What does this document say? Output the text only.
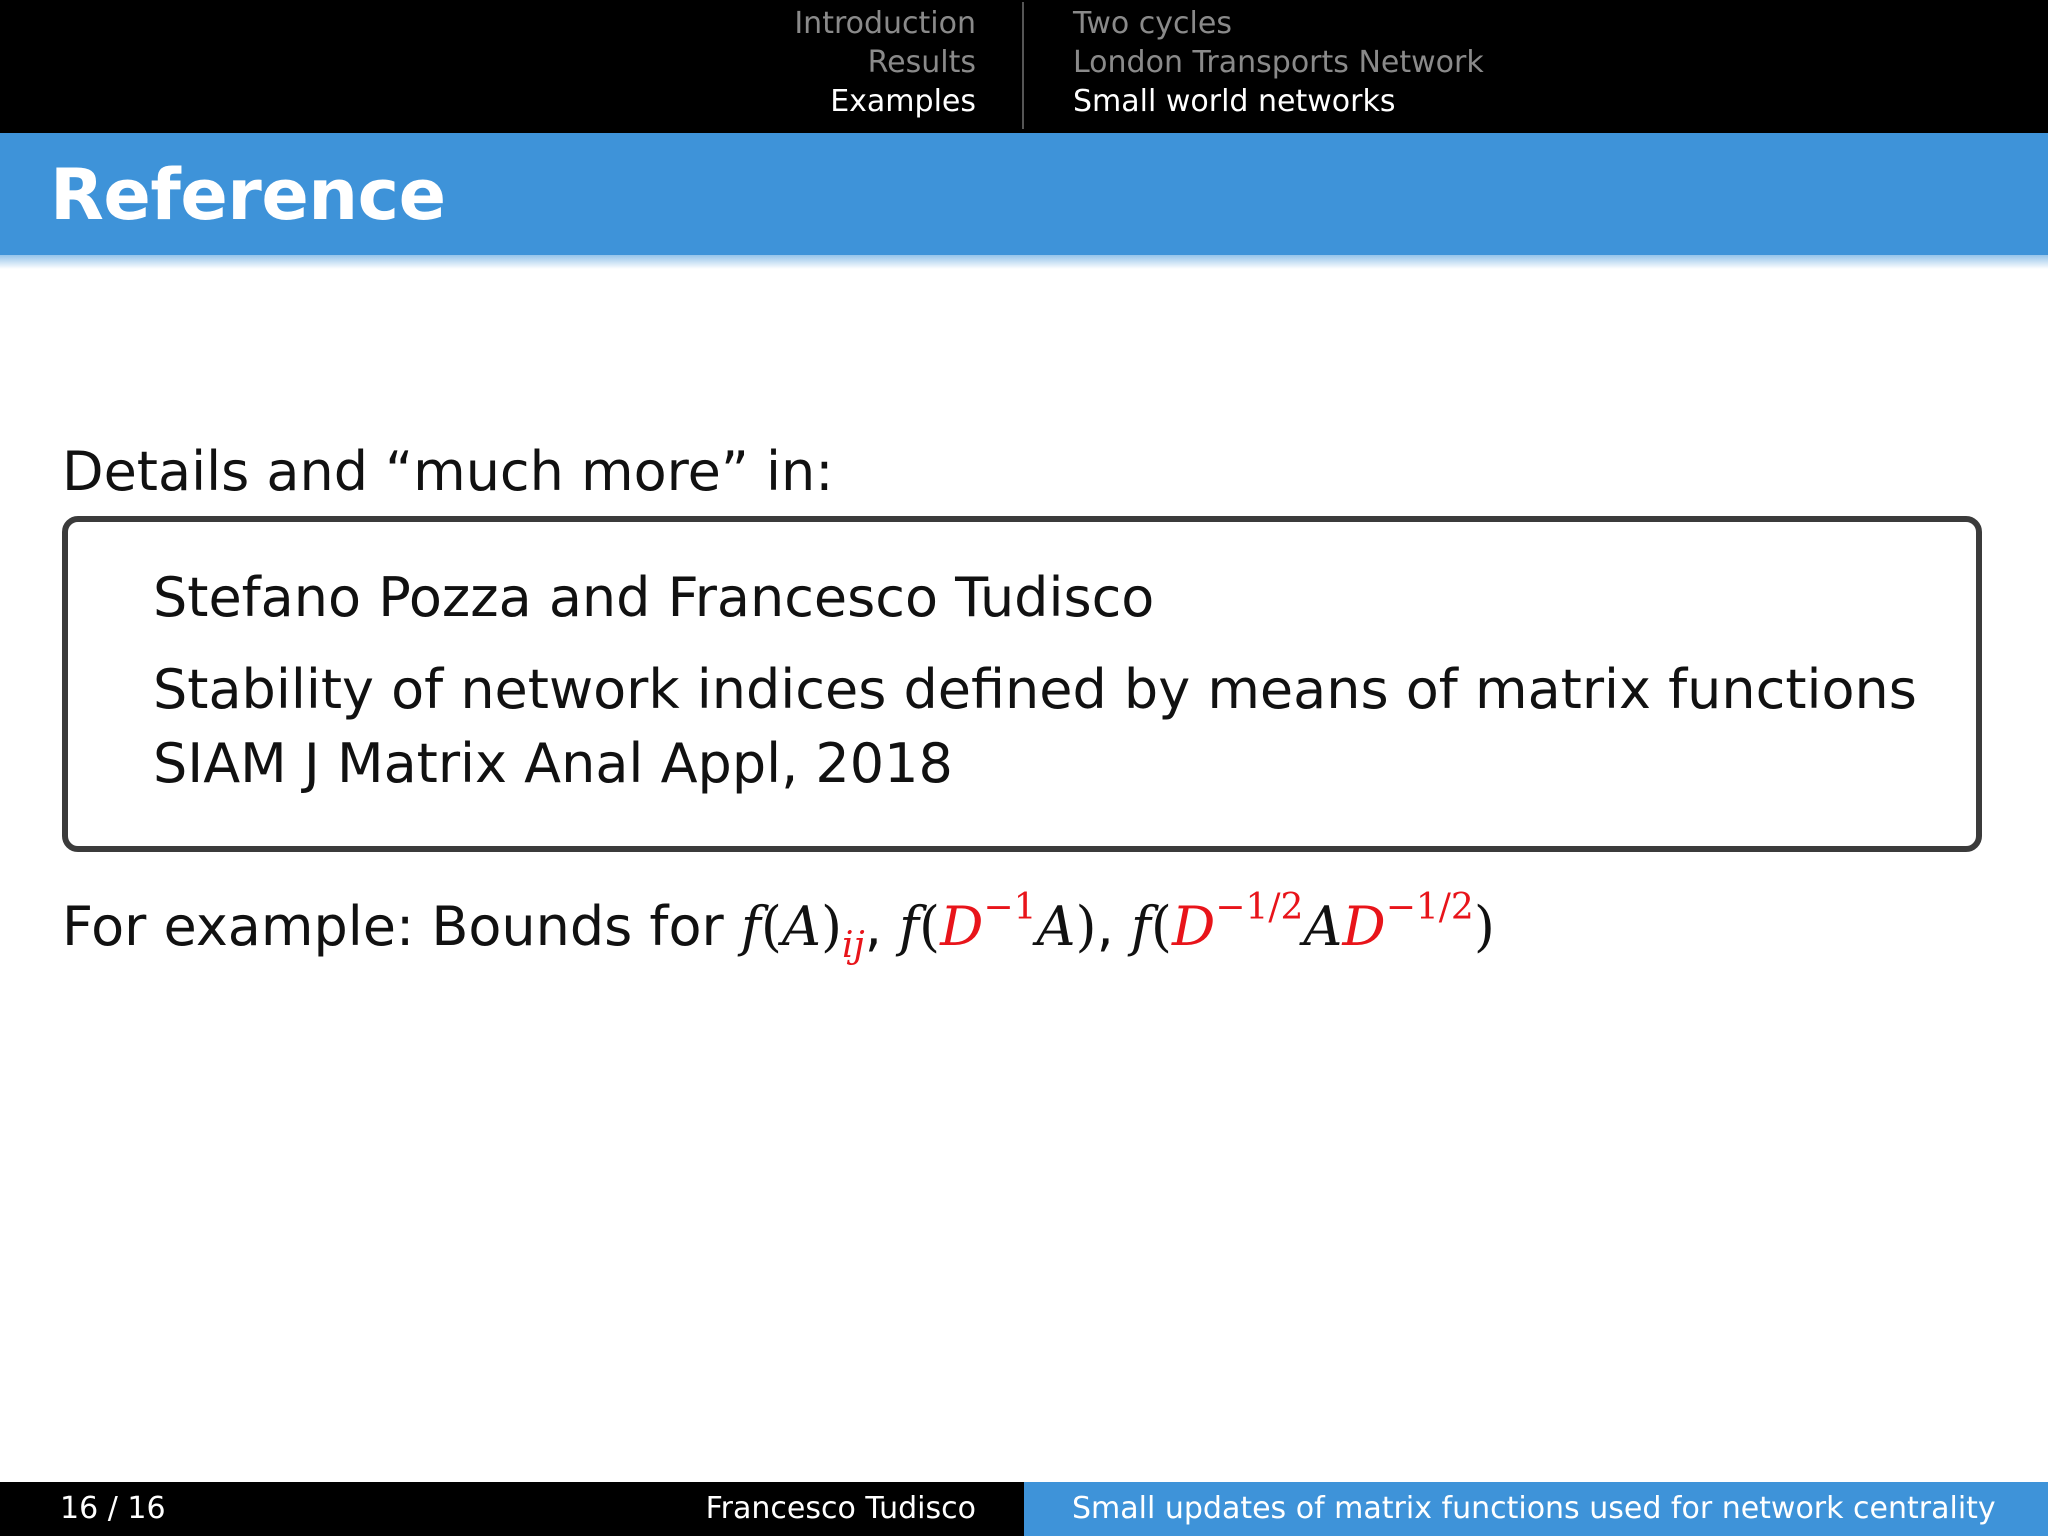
Introduction
Results
Examples
Two cycles
London Transports Network
Small world networks
Reference
Details and “much more” in:
Stefano Pozza and Francesco Tudisco
Stability of network indices defined by means of matrix functions
SIAM J Matrix Anal Appl, 2018
For example: Bounds for $f(A)_{ij}$, $f(D^{-1}A)$, $f(D^{-1/2}AD^{-1/2})$
16 / 16	Francesco Tudisco	Small updates of matrix functions used for network centrality
